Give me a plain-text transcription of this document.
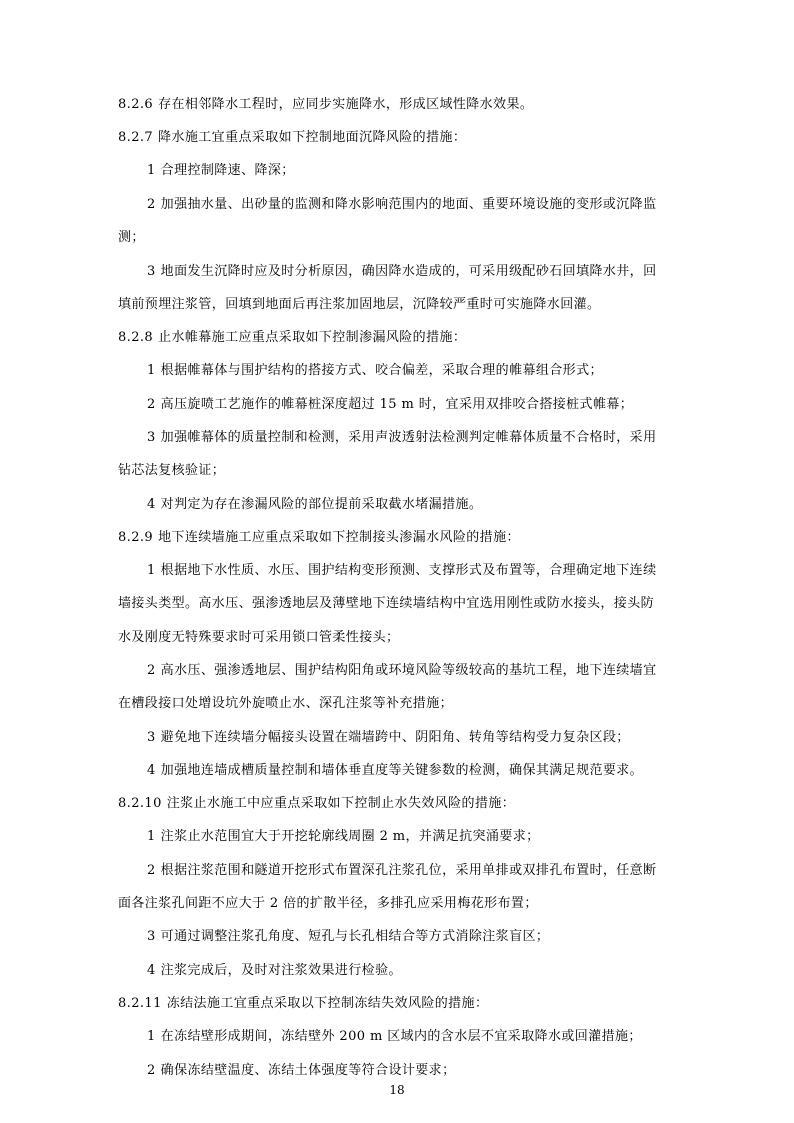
8.2.6 存在相邻降水工程时，应同步实施降水，形成区域性降水效果。
8.2.7 降水施工宜重点采取如下控制地面沉降风险的措施：
1 合理控制降速、降深；
2 加强抽水量、出砂量的监测和降水影响范围内的地面、重要环境设施的变形或沉降监
测；
3 地面发生沉降时应及时分析原因，确因降水造成的，可采用级配砂石回填降水井，回
填前预埋注浆管，回填到地面后再注浆加固地层，沉降较严重时可实施降水回灌。
8.2.8 止水帷幕施工应重点采取如下控制渗漏风险的措施：
1 根据帷幕体与围护结构的搭接方式、咬合偏差，采取合理的帷幕组合形式；
2 高压旋喷工艺施作的帷幕桩深度超过 15 m 时，宜采用双排咬合搭接桩式帷幕；
3 加强帷幕体的质量控制和检测，采用声波透射法检测判定帷幕体质量不合格时，采用
钻芯法复核验证；
4 对判定为存在渗漏风险的部位提前采取截水堵漏措施。
8.2.9 地下连续墙施工应重点采取如下控制接头渗漏水风险的措施：
1 根据地下水性质、水压、围护结构变形预测、支撑形式及布置等，合理确定地下连续
墙接头类型。高水压、强渗透地层及薄壁地下连续墙结构中宜选用刚性或防水接头，接头防
水及刚度无特殊要求时可采用锁口管柔性接头；
2 高水压、强渗透地层、围护结构阳角或环境风险等级较高的基坑工程，地下连续墙宜
在槽段接口处增设坑外旋喷止水、深孔注浆等补充措施；
3 避免地下连续墙分幅接头设置在端墙跨中、阴阳角、转角等结构受力复杂区段；
4 加强地连墙成槽质量控制和墙体垂直度等关键参数的检测，确保其满足规范要求。
8.2.10 注浆止水施工中应重点采取如下控制止水失效风险的措施：
1 注浆止水范围宜大于开挖轮廓线周圈 2 m，并满足抗突涌要求；
2 根据注浆范围和隧道开挖形式布置深孔注浆孔位，采用单排或双排孔布置时，任意断
面各注浆孔间距不应大于 2 倍的扩散半径，多排孔应采用梅花形布置；
3 可通过调整注浆孔角度、短孔与长孔相结合等方式消除注浆盲区；
4 注浆完成后，及时对注浆效果进行检验。
8.2.11 冻结法施工宜重点采取以下控制冻结失效风险的措施：
1 在冻结壁形成期间，冻结壁外 200 m 区域内的含水层不宜采取降水或回灌措施；
2 确保冻结壁温度、冻结土体强度等符合设计要求；
18
